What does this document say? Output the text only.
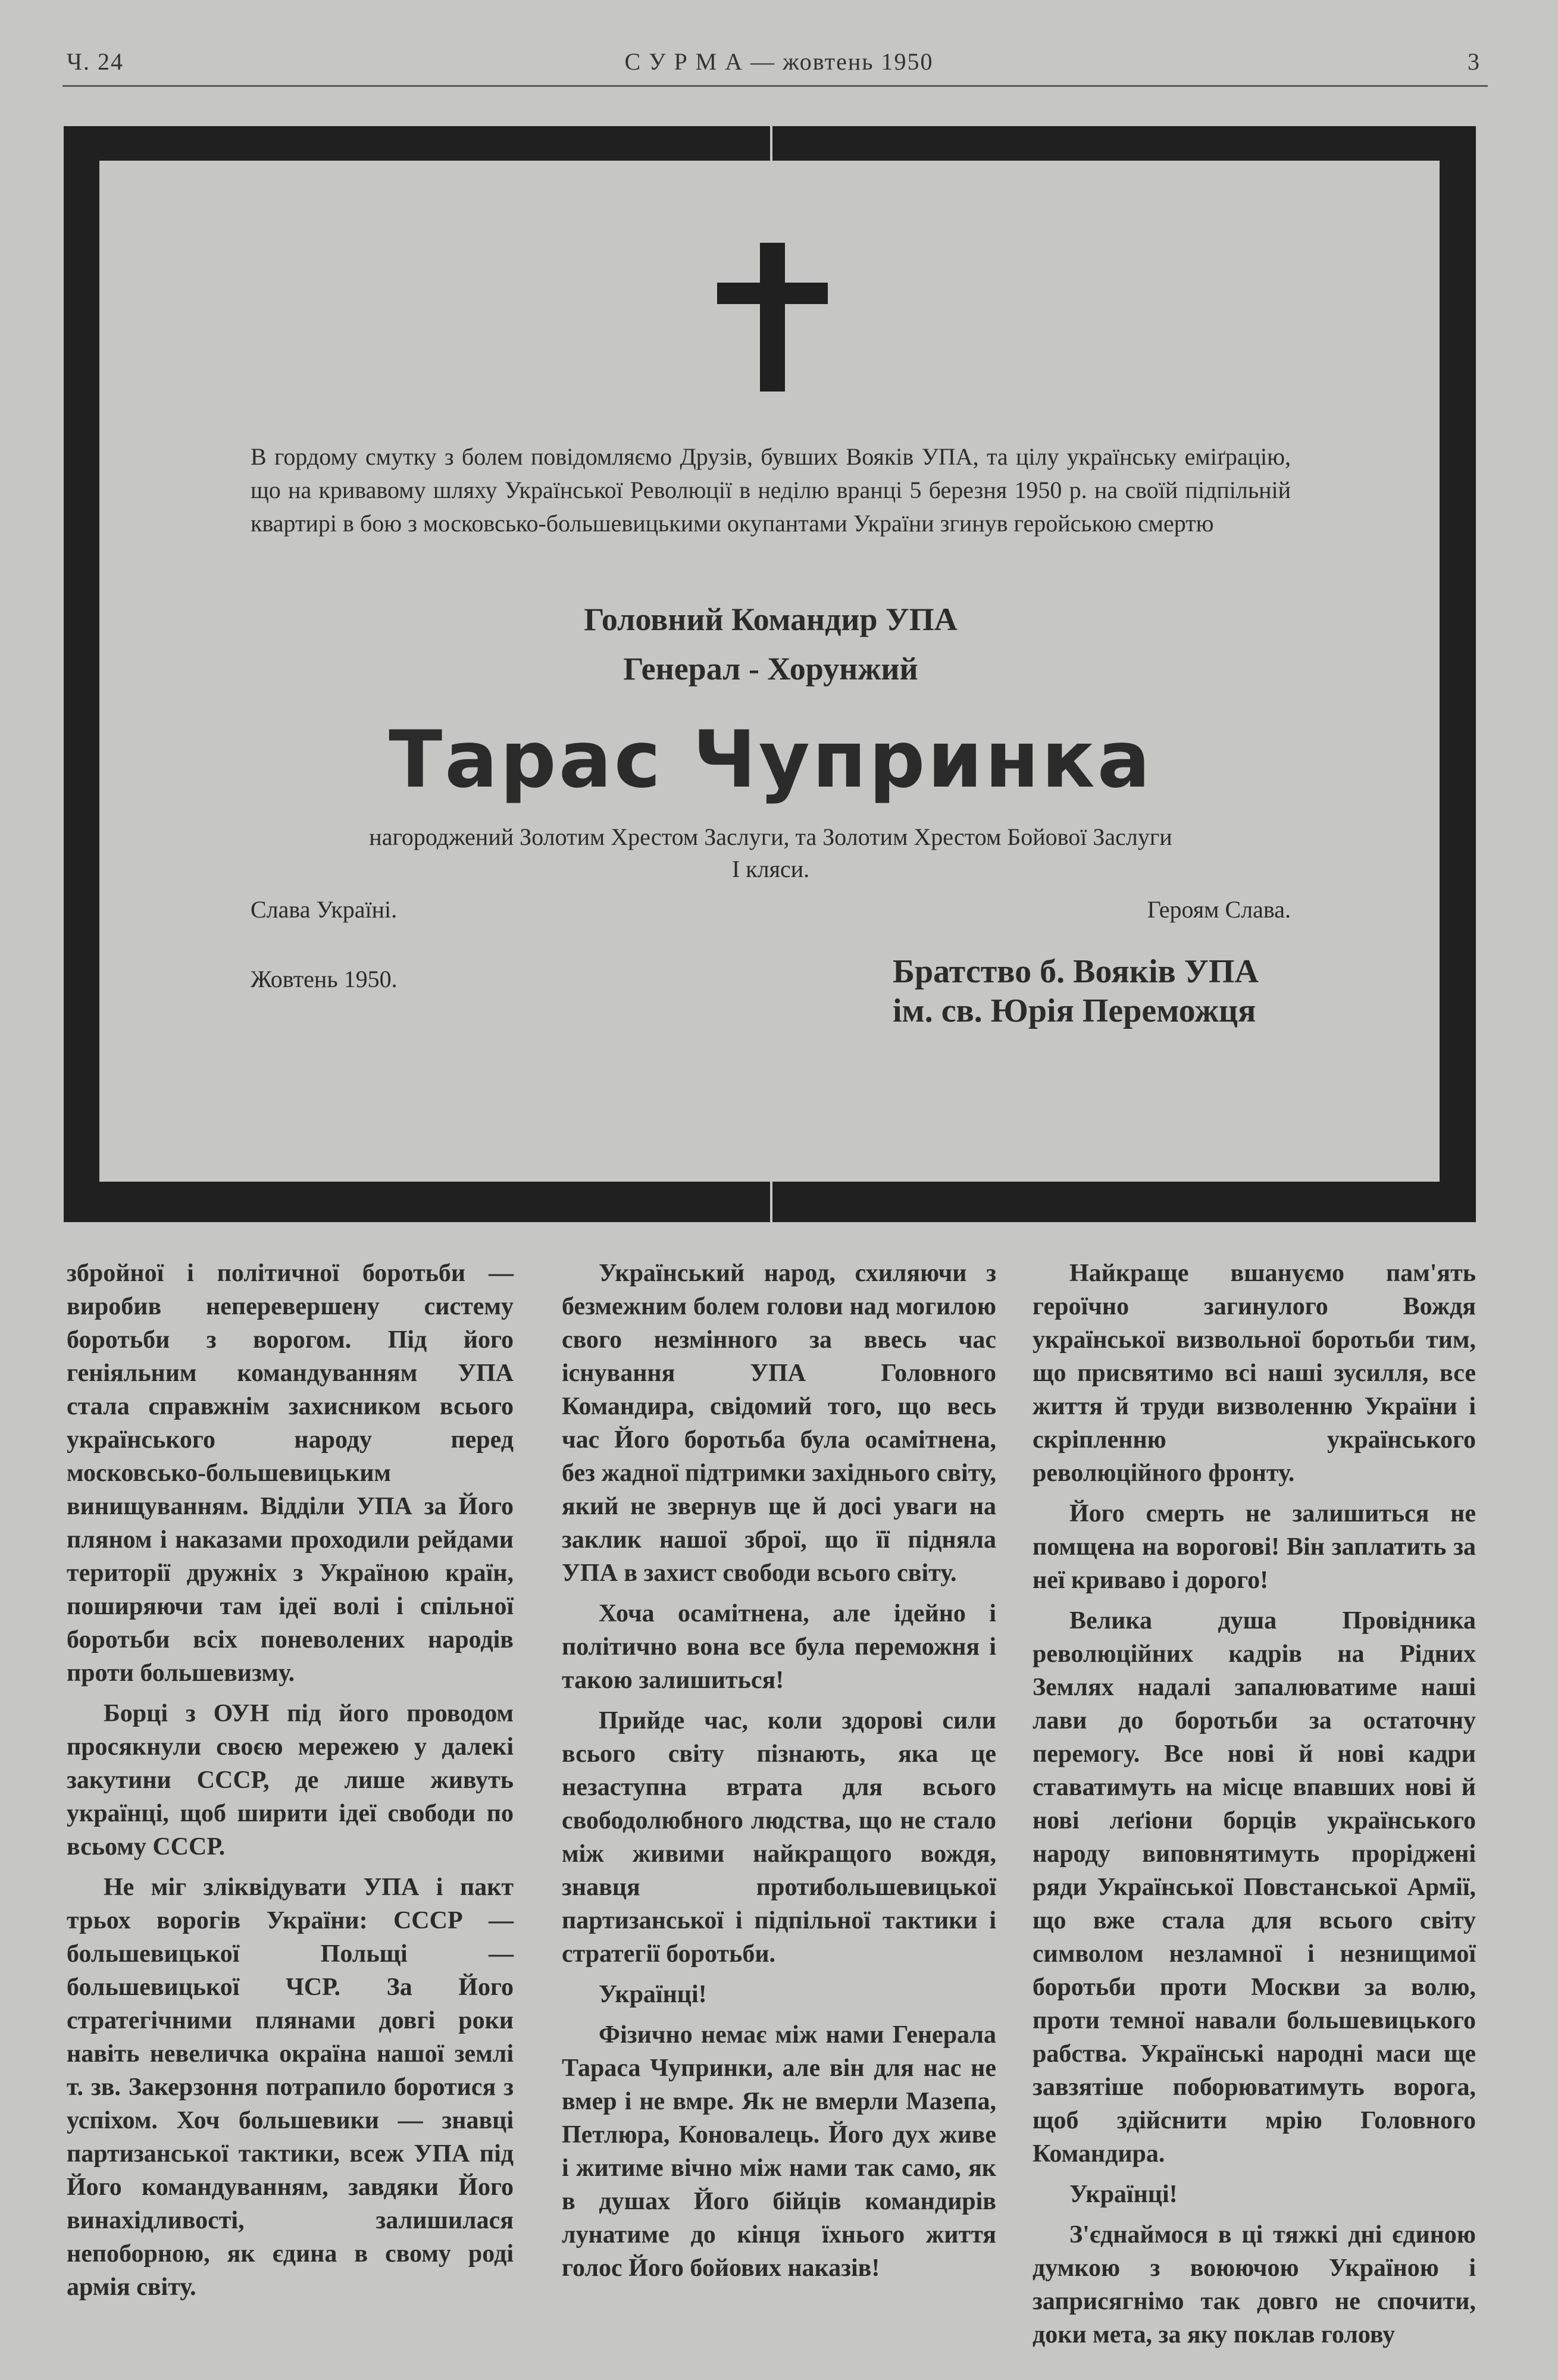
Ч. 24	С У Р М А — жовтень 1950	3
В гордому смутку з болем повідомляємо Друзів, бувших Вояків УПА, та цілу українську еміґрацію, що на кривавому шляху Української Революції в неділю вранці 5 березня 1950 р. на своїй підпільній квартирі в бою з московсько-большевицькими окупантами України згинув геройською смертю
Головний Командир УПА
Генерал - Хорунжий
Тарас Чупринка
нагороджений Золотим Хрестом Заслуги, та Золотим Хрестом Бойової Заслуги
I кляси.
Слава Україні.	Героям Слава.
Жовтень 1950.	Братство б. Вояків УПА
ім. св. Юрія Переможця

збройної і політичної боротьби — виробив неперевершену систему боротьби з ворогом. Під його геніяльним командуванням УПА стала справжнім захисником всього українського народу перед московсько-большевицьким винищуванням. Відділи УПА за Його пляном і наказами проходили рейдами території дружніх з Україною країн, поширяючи там ідеї волі і спільної боротьби всіх поневолених народів проти большевизму.

Борці з ОУН під його проводом просякнули своєю мережею у далекі закутини СССР, де лише живуть українці, щоб ширити ідеї свободи по всьому СССР.

Не міг зліквідувати УПА і пакт трьох ворогів України: СССР — большевицької Польщі — большевицької ЧСР. За Його стратегічними плянами довгі роки навіть невеличка окраїна нашої землі т. зв. Закерзоння потрапило боротися з успіхом. Хоч большевики — знавці партизанської тактики, всеж УПА під Його командуванням, завдяки Його винахідливості, залишилася непоборною, як єдина в свому роді армія світу.

Український народ, схиляючи з безмежним болем голови над могилою свого незмінного за ввесь час існування УПА Головного Командира, свідомий того, що весь час Його боротьба була осамітнена, без жадної підтримки західнього світу, який не звернув ще й досі уваги на заклик нашої зброї, що її підняла УПА в захист свободи всього світу.

Хоча осамітнена, але ідейно і політично вона все була переможня і такою залишиться!

Прийде час, коли здорові сили всього світу пізнають, яка це незаступна втрата для всього свободолюбного людства, що не стало між живими найкращого вождя, знавця протибольшевицької партизанської і підпільної тактики і стратегії боротьби.

Українці!

Фізично немає між нами Генерала Тараса Чупринки, але він для нас не вмер і не вмре. Як не вмерли Мазепа, Петлюра, Коновалець. Його дух живе і житиме вічно між нами так само, як в душах Його бійців командирів лунатиме до кінця їхнього життя голос Його бойових наказів!

Найкраще вшануємо пам'ять героїчно загинулого Вождя української визвольної боротьби тим, що присвятимо всі наші зусилля, все життя й труди визволенню України і скріпленню українського революційного фронту.

Його смерть не залишиться не помщена на ворогові! Він заплатить за неї криваво і дорого!

Велика душа Провідника революційних кадрів на Рідних Землях надалі запалюватиме наші лави до боротьби за остаточну перемогу. Все нові й нові кадри ставатимуть на місце впавших нові й нові леґіони борців українського народу виповнятимуть проріджені ряди Української Повстанської Армії, що вже стала для всього світу символом незламної і незнищимої боротьби проти Москви за волю, проти темної навали большевицького рабства. Українські народні маси ще завзятіше поборюватимуть ворога, щоб здійснити мрію Головного Командира.

Українці!

З'єднаймося в ці тяжкі дні єдиною думкою з воюючою Україною і заприсягнімо так довго не спочити, доки мета, за яку поклав голову
